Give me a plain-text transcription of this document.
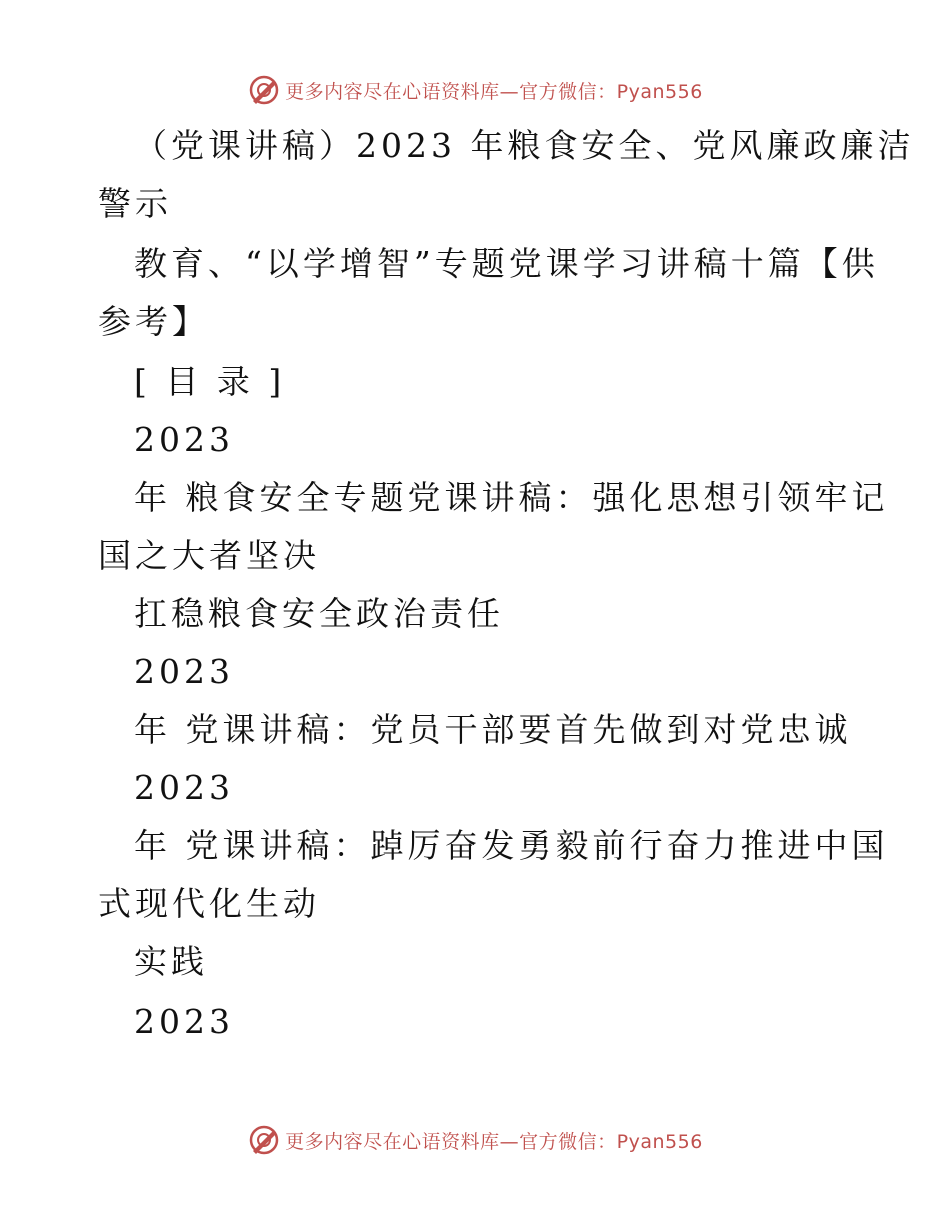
更多内容尽在心语资料库—官方微信：Pyan556
（党课讲稿）2023 年粮食安全、党风廉政廉洁
警示
教育、“以学增智”专题党课学习讲稿十篇【供
参考】
[ 目 录 ]
2023
年 粮食安全专题党课讲稿：强化思想引领牢记
国之大者坚决
扛稳粮食安全政治责任
2023
年 党课讲稿：党员干部要首先做到对党忠诚
2023
年 党课讲稿：踔厉奋发勇毅前行奋力推进中国
式现代化生动
实践
2023
更多内容尽在心语资料库—官方微信：Pyan556
